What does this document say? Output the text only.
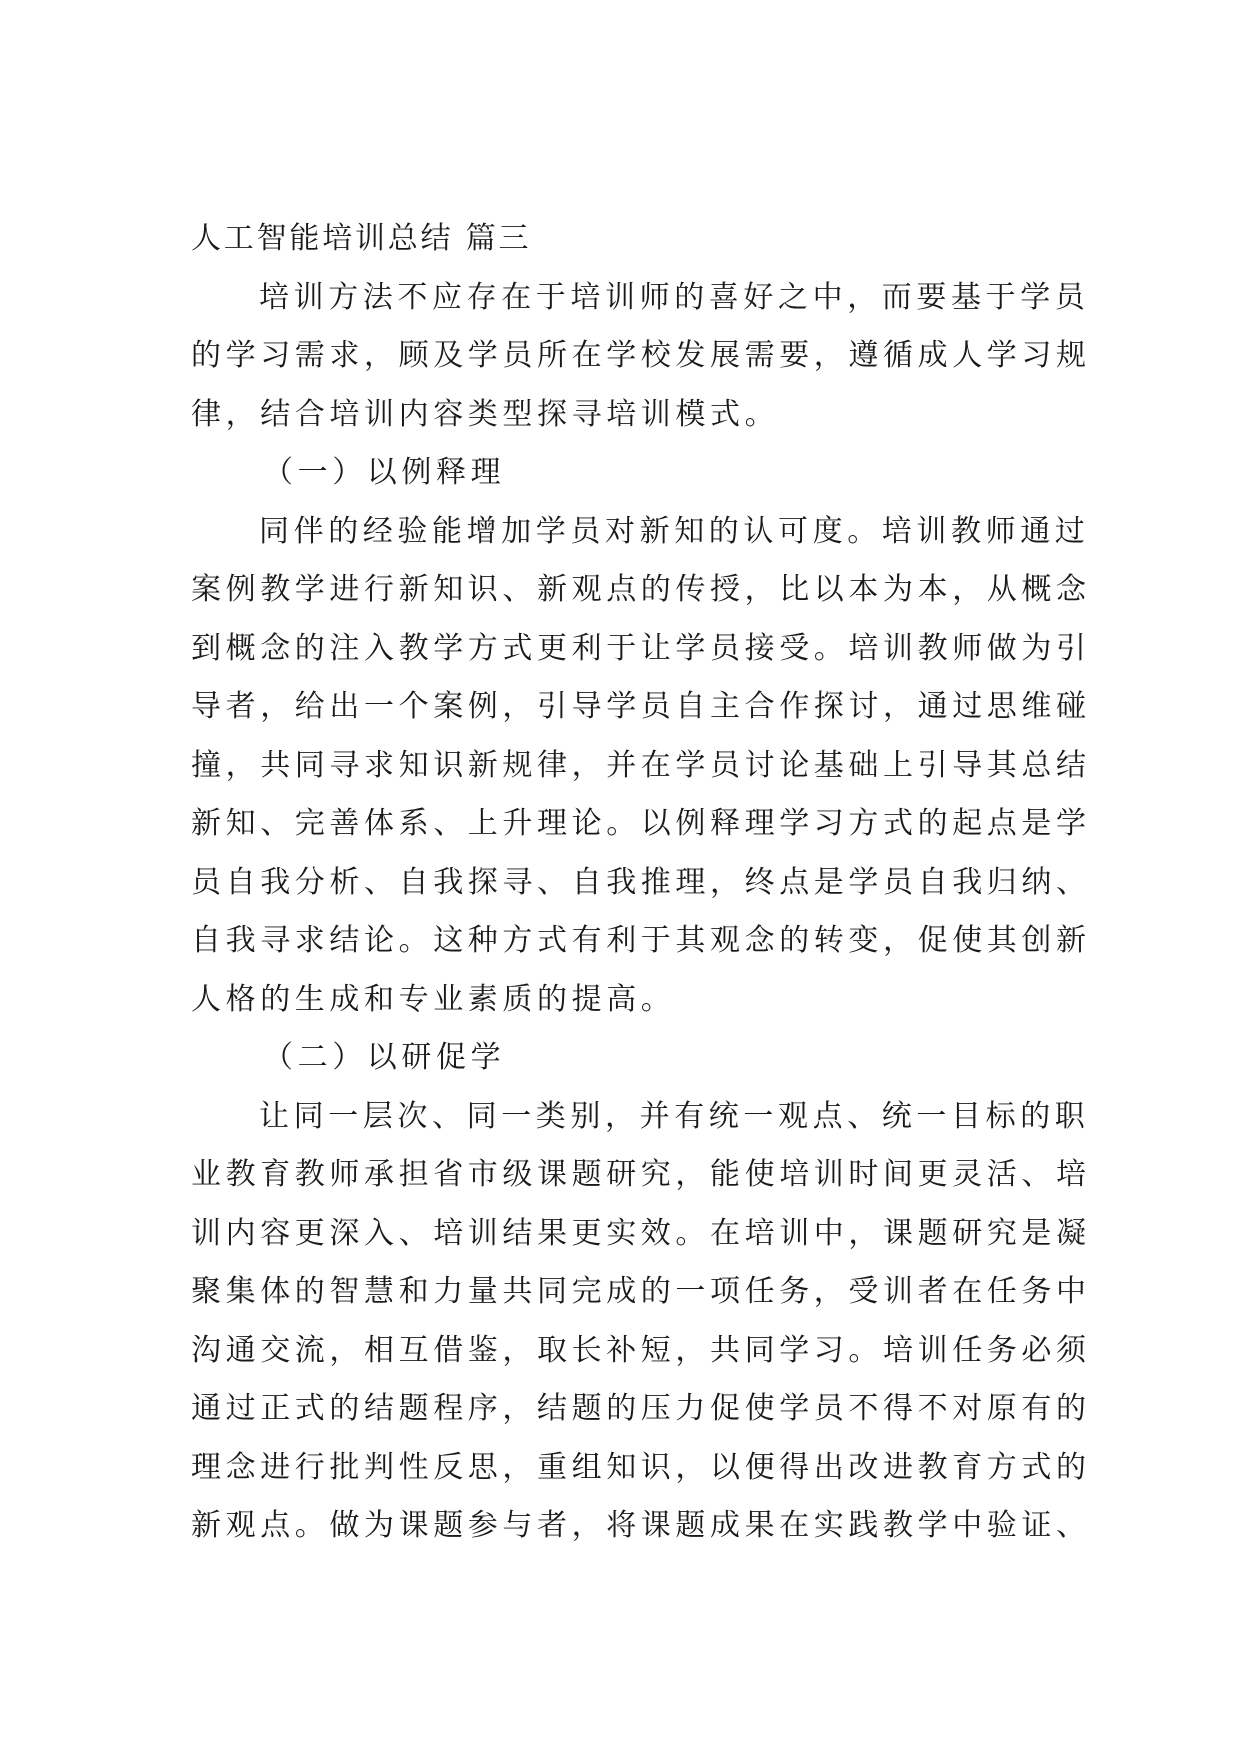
人工智能培训总结 篇三
培训方法不应存在于培训师的喜好之中，而要基于学员
的学习需求，顾及学员所在学校发展需要，遵循成人学习规
律，结合培训内容类型探寻培训模式。
（一）以例释理
同伴的经验能增加学员对新知的认可度。培训教师通过
案例教学进行新知识、新观点的传授，比以本为本，从概念
到概念的注入教学方式更利于让学员接受。培训教师做为引
导者，给出一个案例，引导学员自主合作探讨，通过思维碰
撞，共同寻求知识新规律，并在学员讨论基础上引导其总结
新知、完善体系、上升理论。以例释理学习方式的起点是学
员自我分析、自我探寻、自我推理，终点是学员自我归纳、
自我寻求结论。这种方式有利于其观念的转变，促使其创新
人格的生成和专业素质的提高。
（二）以研促学
让同一层次、同一类别，并有统一观点、统一目标的职
业教育教师承担省市级课题研究，能使培训时间更灵活、培
训内容更深入、培训结果更实效。在培训中，课题研究是凝
聚集体的智慧和力量共同完成的一项任务，受训者在任务中
沟通交流，相互借鉴，取长补短，共同学习。培训任务必须
通过正式的结题程序，结题的压力促使学员不得不对原有的
理念进行批判性反思，重组知识，以便得出改进教育方式的
新观点。做为课题参与者，将课题成果在实践教学中验证、
